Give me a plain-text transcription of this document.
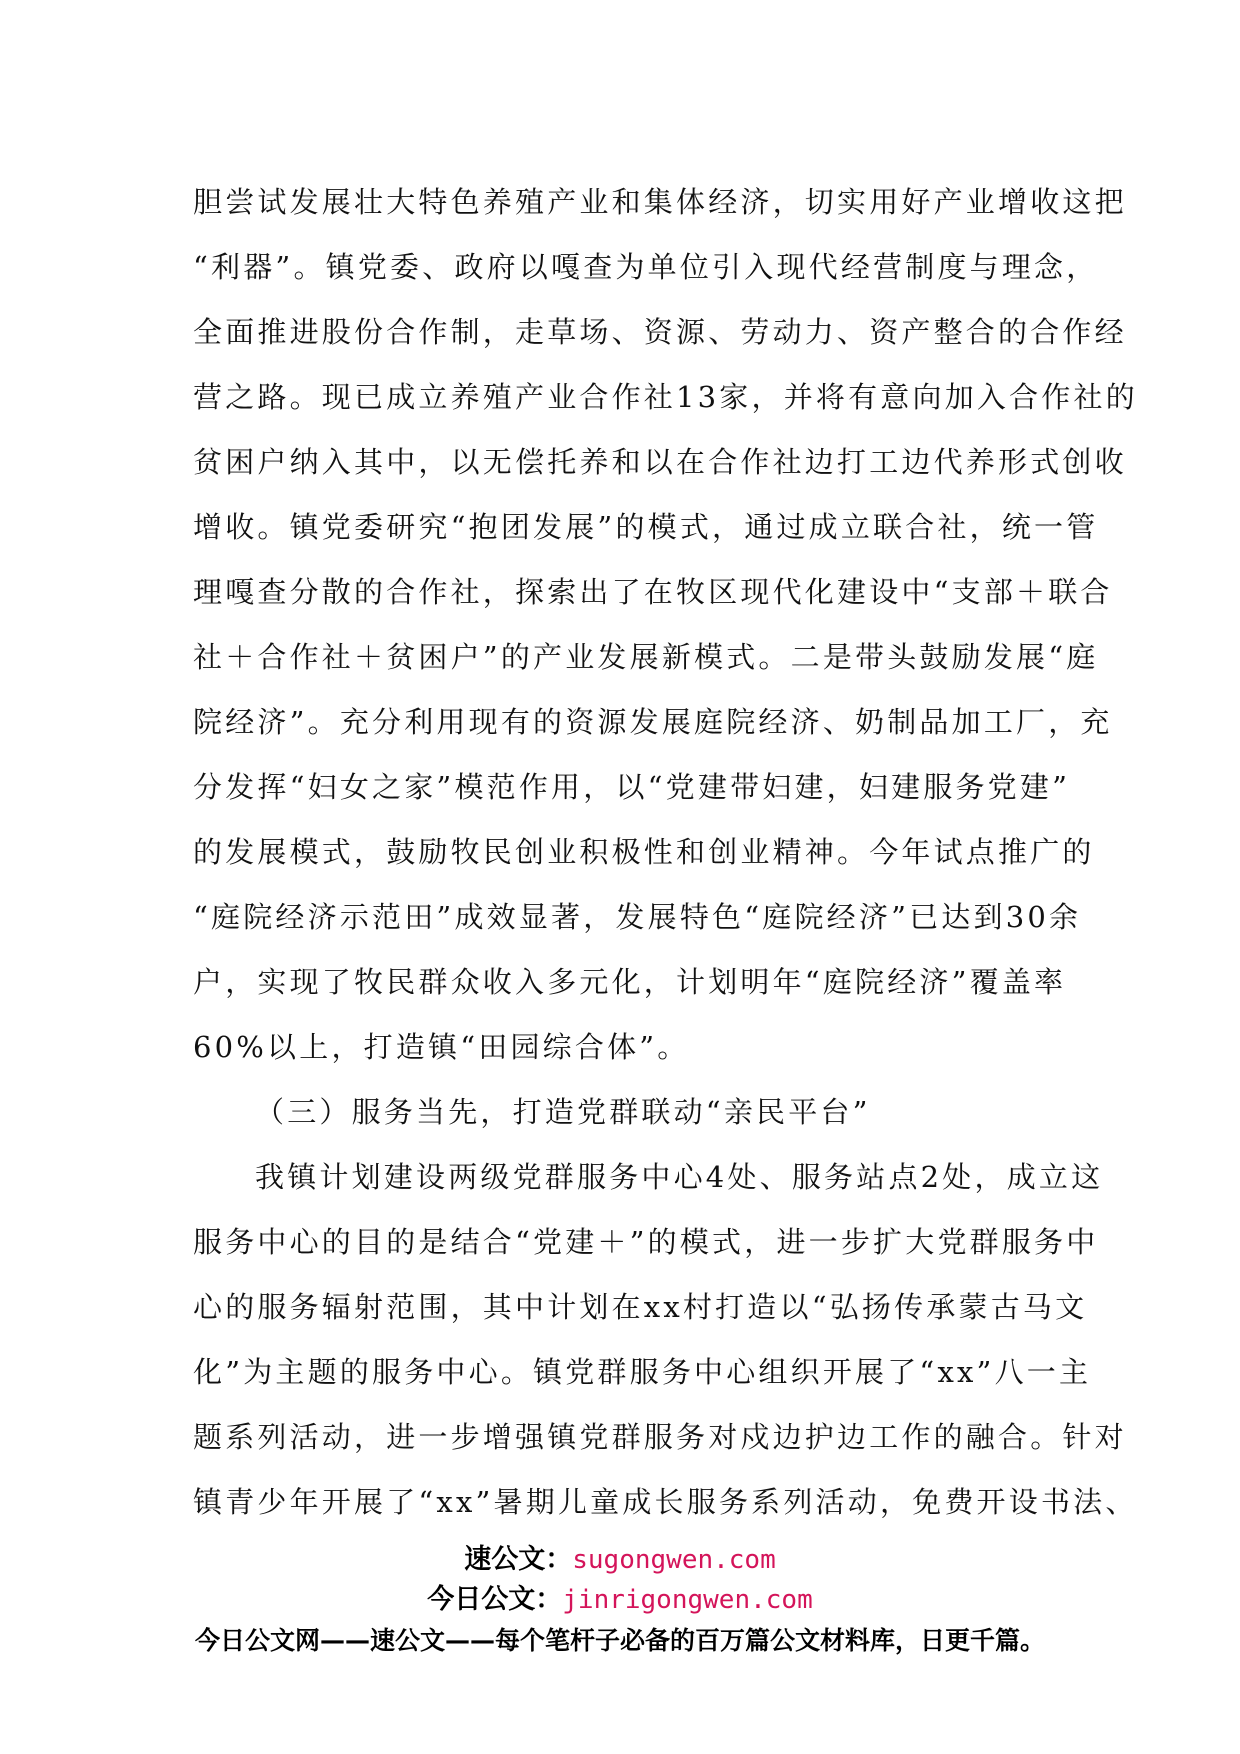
胆尝试发展壮大特色养殖产业和集体经济，切实用好产业增收这把
“利器”。镇党委、政府以嘎查为单位引入现代经营制度与理念，
全面推进股份合作制，走草场、资源、劳动力、资产整合的合作经
营之路。现已成立养殖产业合作社13家，并将有意向加入合作社的
贫困户纳入其中，以无偿托养和以在合作社边打工边代养形式创收
增收。镇党委研究“抱团发展”的模式，通过成立联合社，统一管
理嘎查分散的合作社，探索出了在牧区现代化建设中“支部＋联合
社＋合作社＋贫困户”的产业发展新模式。二是带头鼓励发展“庭
院经济”。充分利用现有的资源发展庭院经济、奶制品加工厂，充
分发挥“妇女之家”模范作用，以“党建带妇建，妇建服务党建”
的发展模式，鼓励牧民创业积极性和创业精神。今年试点推广的
“庭院经济示范田”成效显著，发展特色“庭院经济”已达到30余
户，实现了牧民群众收入多元化，计划明年“庭院经济”覆盖率
60%以上，打造镇“田园综合体”。
（三）服务当先，打造党群联动“亲民平台”
我镇计划建设两级党群服务中心4处、服务站点2处，成立这
服务中心的目的是结合“党建＋”的模式，进一步扩大党群服务中
心的服务辐射范围，其中计划在xx村打造以“弘扬传承蒙古马文
化”为主题的服务中心。镇党群服务中心组织开展了“xx”八一主
题系列活动，进一步增强镇党群服务对戍边护边工作的融合。针对
镇青少年开展了“xx”暑期儿童成长服务系列活动，免费开设书法、
速公文：sugongwen.com
今日公文：jinrigongwen.com
今日公文网——速公文——每个笔杆子必备的百万篇公文材料库，日更千篇。
